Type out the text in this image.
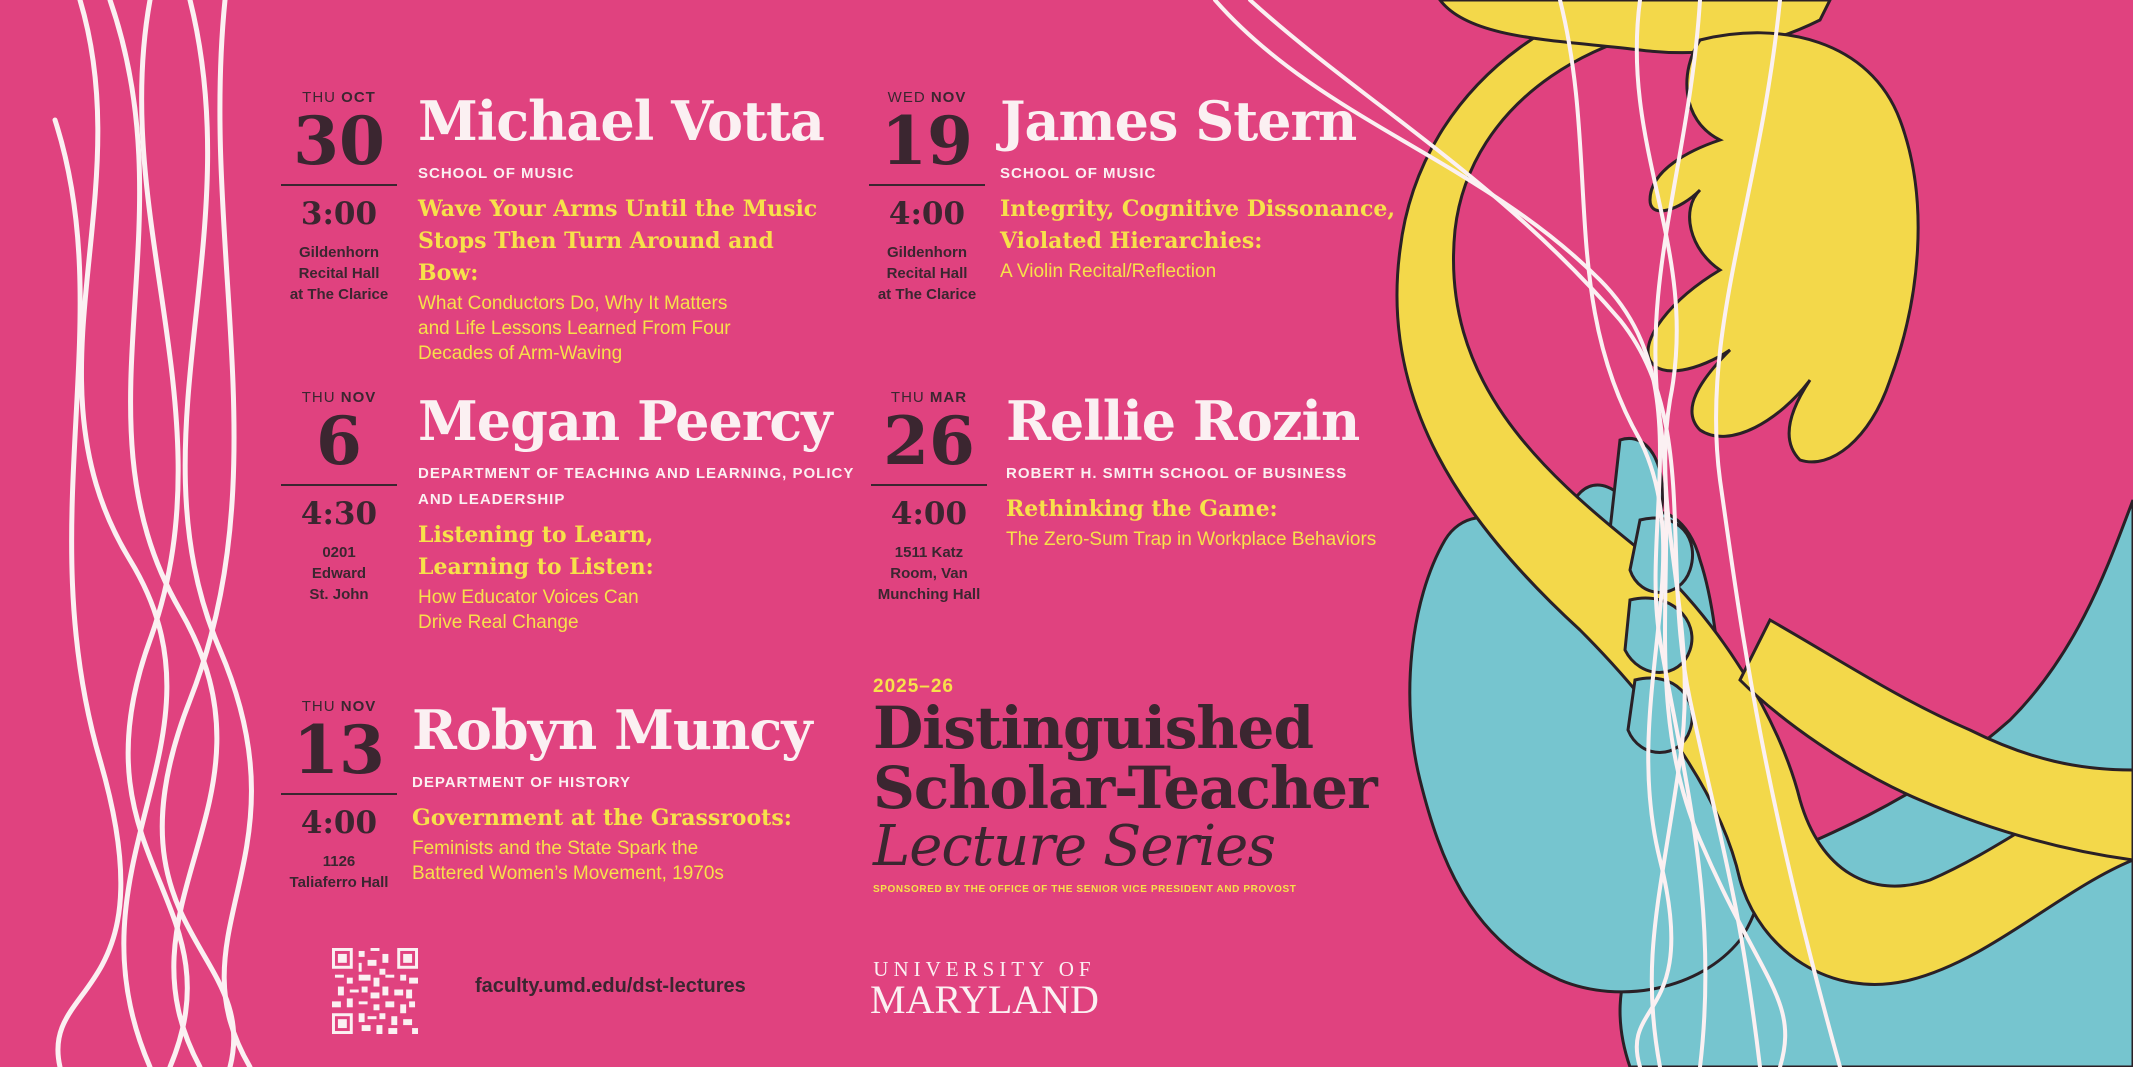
THU OCT
30
3:00
Gildenhorn
Recital Hall
at The Clarice
Michael Votta
SCHOOL OF MUSIC
Wave Your Arms Until the Music Stops Then Turn Around and Bow:
What Conductors Do, Why It Matters and Life Lessons Learned From Four Decades of Arm-Waving
WED NOV
19
4:00
Gildenhorn
Recital Hall
at The Clarice
James Stern
SCHOOL OF MUSIC
Integrity, Cognitive Dissonance, Violated Hierarchies:
A Violin Recital/Reflection
THU NOV
6
4:30
0201
Edward
St. John
Megan Peercy
DEPARTMENT OF TEACHING AND LEARNING, POLICY AND LEADERSHIP
Listening to Learn, Learning to Listen:
How Educator Voices Can Drive Real Change
THU MAR
26
4:00
1511 Katz
Room, Van
Munching Hall
Rellie Rozin
ROBERT H. SMITH SCHOOL OF BUSINESS
Rethinking the Game:
The Zero-Sum Trap in Workplace Behaviors
THU NOV
13
4:00
1126
Taliaferro Hall
Robyn Muncy
DEPARTMENT OF HISTORY
Government at the Grassroots:
Feminists and the State Spark the Battered Women’s Movement, 1970s
2025–26
Distinguished
Scholar-Teacher
Lecture Series
SPONSORED BY THE OFFICE OF THE SENIOR VICE PRESIDENT AND PROVOST
faculty.umd.edu/dst-lectures
UNIVERSITY OF
MARYLAND
